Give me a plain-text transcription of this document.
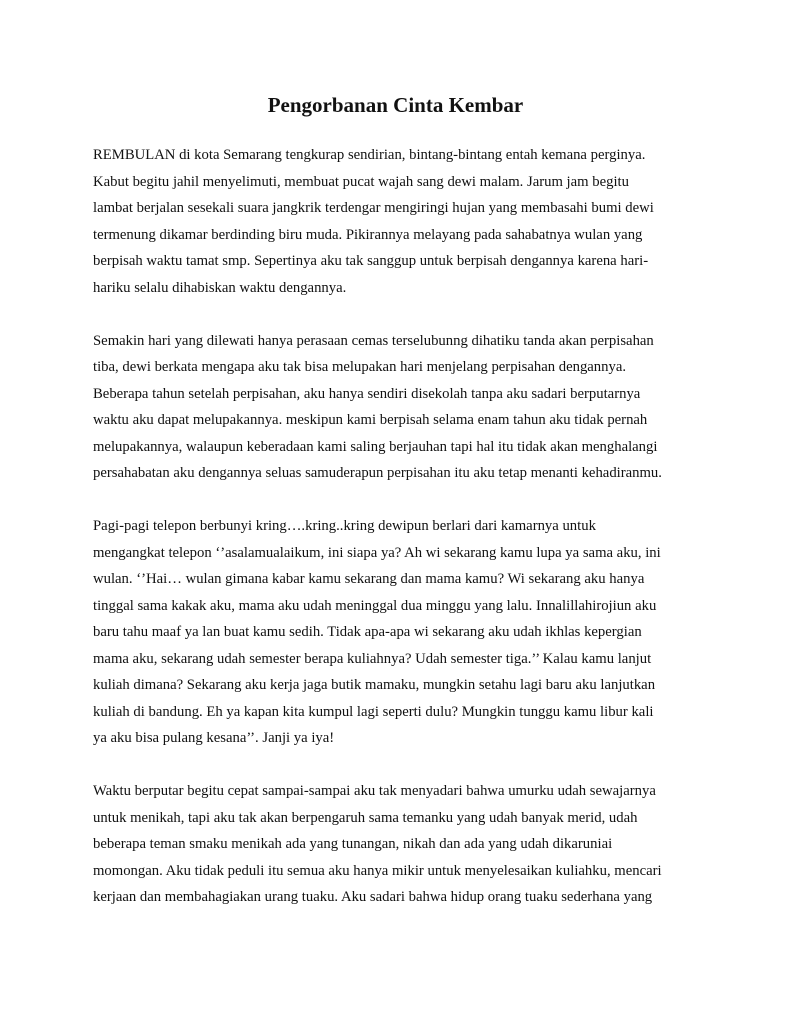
Pengorbanan Cinta Kembar
REMBULAN di kota Semarang tengkurap sendirian, bintang-bintang entah kemana perginya.
Kabut begitu jahil menyelimuti, membuat pucat wajah sang dewi malam. Jarum jam begitu
lambat berjalan sesekali suara jangkrik terdengar mengiringi hujan yang membasahi bumi dewi
termenung dikamar berdinding biru muda. Pikirannya melayang pada sahabatnya wulan yang
berpisah waktu tamat smp. Sepertinya aku tak sanggup untuk berpisah dengannya karena hari-
hariku selalu dihabiskan waktu dengannya.
Semakin hari yang dilewati hanya perasaan cemas terselubunng dihatiku tanda akan perpisahan
tiba, dewi berkata mengapa aku tak bisa melupakan hari menjelang perpisahan dengannya.
Beberapa tahun setelah perpisahan, aku hanya sendiri disekolah tanpa aku sadari berputarnya
waktu aku dapat melupakannya. meskipun kami berpisah selama enam tahun aku tidak pernah
melupakannya, walaupun keberadaan kami saling berjauhan tapi hal itu tidak akan menghalangi
persahabatan aku dengannya seluas samuderapun perpisahan itu aku tetap menanti kehadiranmu.
Pagi-pagi telepon berbunyi kring….kring..kring dewipun berlari dari kamarnya untuk
mengangkat telepon ‘’asalamualaikum, ini siapa ya? Ah wi sekarang kamu lupa ya sama aku, ini
wulan. ‘’Hai… wulan gimana kabar kamu sekarang dan mama kamu? Wi sekarang aku hanya
tinggal sama kakak aku, mama aku udah meninggal dua minggu yang lalu. Innalillahirojiun aku
baru tahu maaf ya lan buat kamu sedih. Tidak apa-apa wi sekarang aku udah ikhlas kepergian
mama aku, sekarang udah semester berapa kuliahnya? Udah semester tiga.’’ Kalau kamu lanjut
kuliah dimana? Sekarang aku kerja jaga butik mamaku, mungkin setahu lagi baru aku lanjutkan
kuliah di bandung. Eh ya kapan kita kumpul lagi seperti dulu? Mungkin tunggu kamu libur kali
ya aku bisa pulang kesana’’. Janji ya iya!
Waktu berputar begitu cepat sampai-sampai aku tak menyadari bahwa umurku udah sewajarnya
untuk menikah, tapi aku tak akan berpengaruh sama temanku yang udah banyak merid, udah
beberapa teman smaku menikah ada yang tunangan, nikah dan ada yang udah dikaruniai
momongan. Aku tidak peduli itu semua aku hanya mikir untuk menyelesaikan kuliahku, mencari
kerjaan dan membahagiakan urang tuaku. Aku sadari bahwa hidup orang tuaku sederhana yang
